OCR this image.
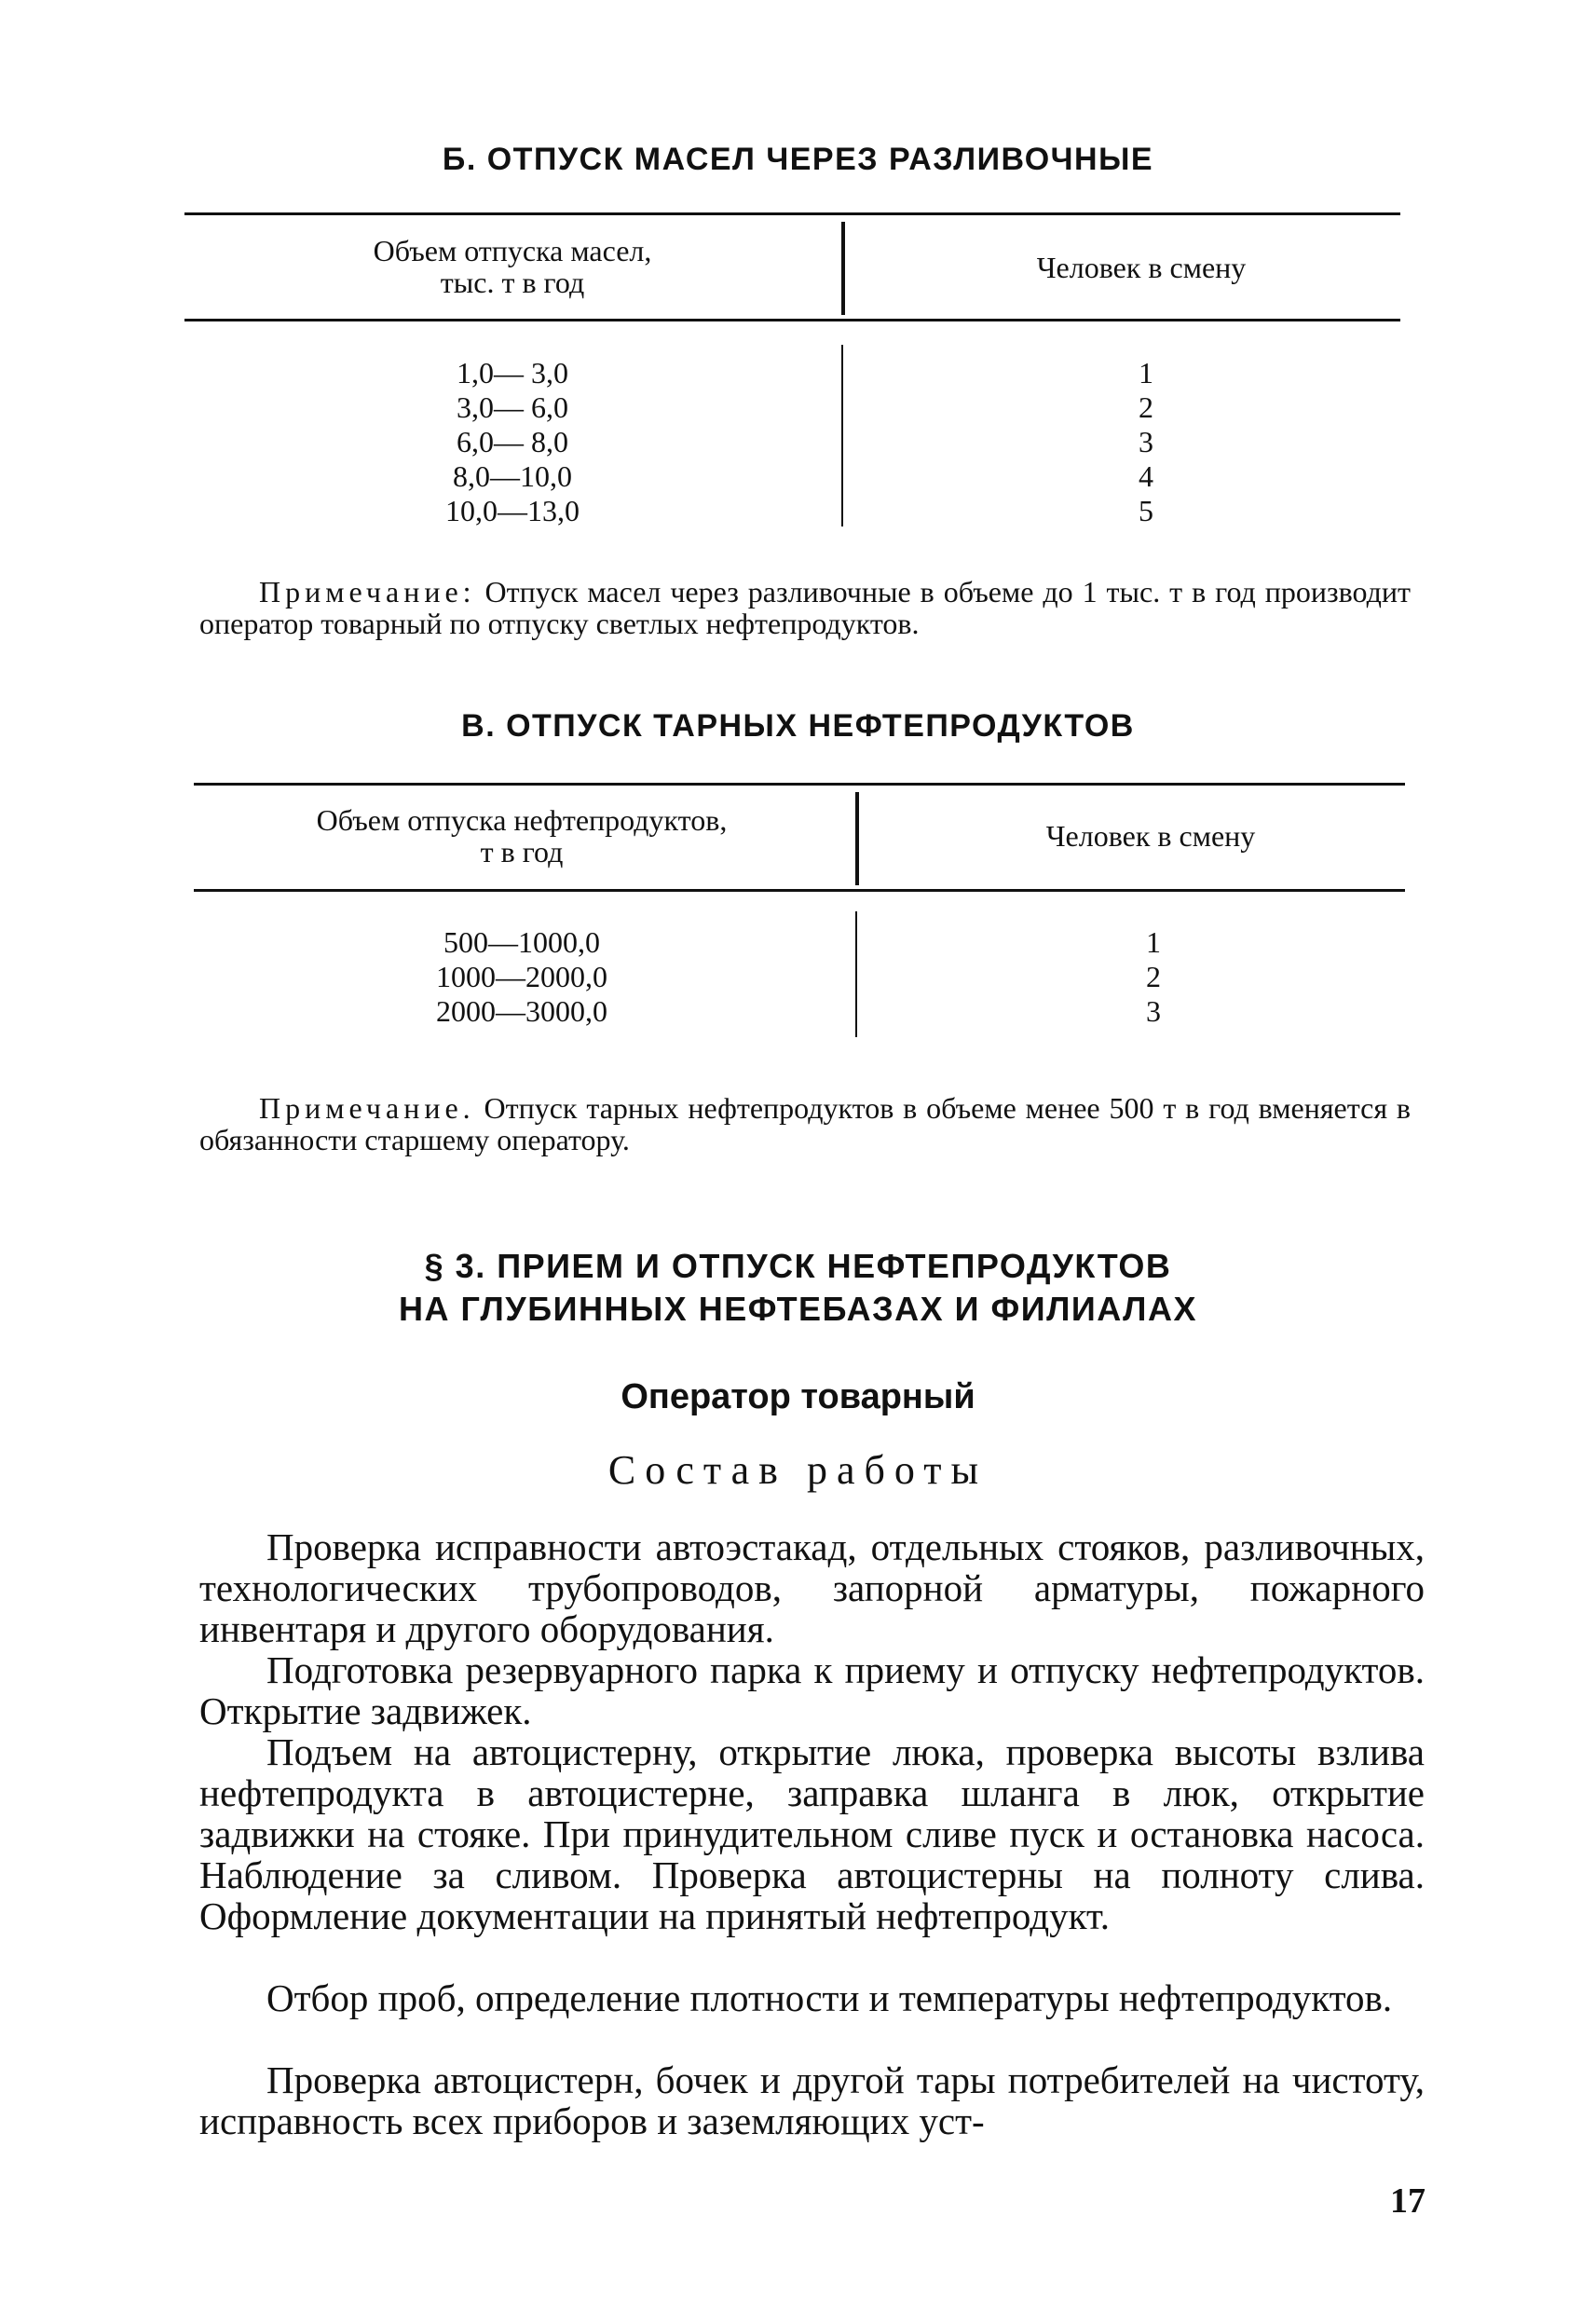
Б. ОТПУСК МАСЕЛ ЧЕРЕЗ РАЗЛИВОЧНЫЕ
Объем отпуска масел,
тыс. т в год	Человек в смену
1,0— 3,0
3,0— 6,0
6,0— 8,0
8,0—10,0
10,0—13,0
1
2
3
4
5
Примечание: Отпуск масел через разливочные в объеме до 1 тыс. т в год производит оператор товарный по отпуску светлых нефтепродуктов.
В. ОТПУСК ТАРНЫХ НЕФТЕПРОДУКТОВ
Объем отпуска нефтепродуктов,
т в год	Человек в смену
500—1000,0
1000—2000,0
2000—3000,0
1
2
3
Примечание. Отпуск тарных нефтепродуктов в объеме менее 500 т в год вменяется в обязанности старшему оператору.
§ 3. ПРИЕМ И ОТПУСК НЕФТЕПРОДУКТОВ
НА ГЛУБИННЫХ НЕФТЕБАЗАХ И ФИЛИАЛАХ
Оператор товарный
Состав работы
Проверка исправности автоэстакад, отдельных стояков, разливочных, технологических трубопроводов, запорной арматуры, пожарного инвентаря и другого оборудования.
Подготовка резервуарного парка к приему и отпуску нефтепродуктов. Открытие задвижек.
Подъем на автоцистерну, открытие люка, проверка высоты взлива нефтепродукта в автоцистерне, заправка шланга в люк, открытие задвижки на стояке. При принудительном сливе пуск и остановка насоса. Наблюдение за сливом. Проверка автоцистерны на полноту слива. Оформление документации на принятый нефтепродукт.
Отбор проб, определение плотности и температуры нефтепродуктов.
Проверка автоцистерн, бочек и другой тары потребителей на чистоту, исправность всех приборов и заземляющих уст-
17
